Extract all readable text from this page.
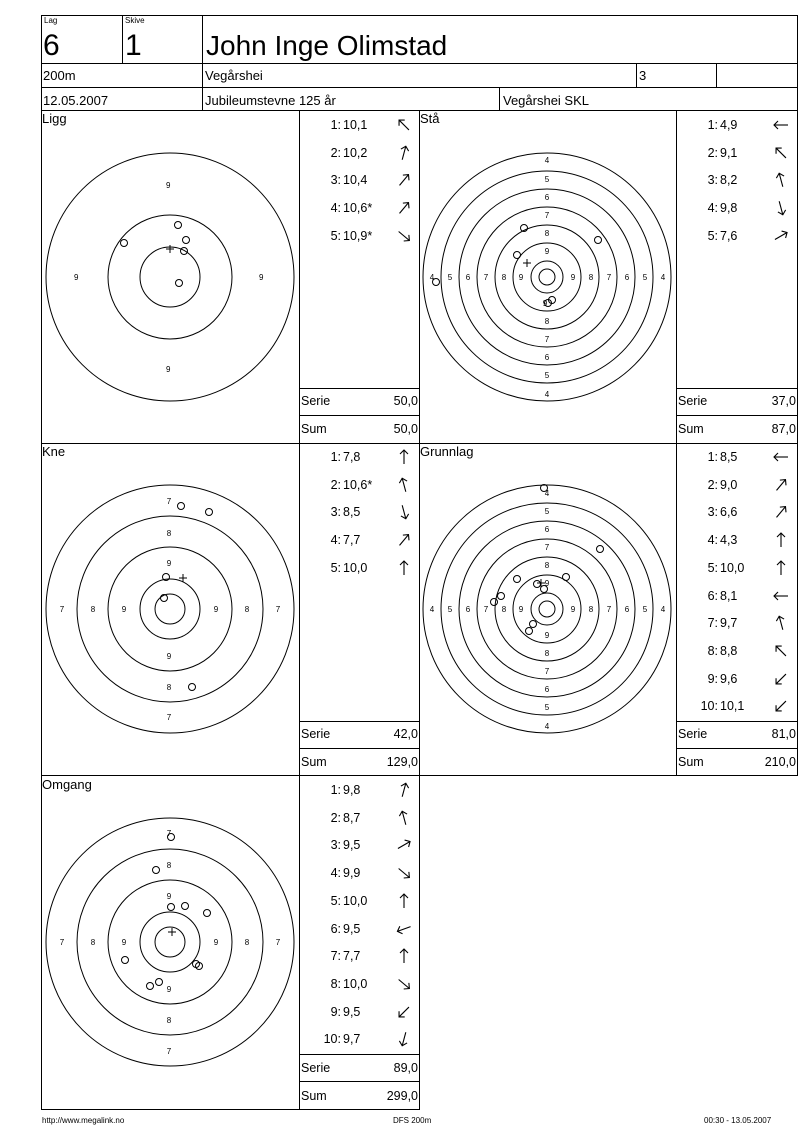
Lag
6
Skive
1 John Inge Olimstad
200m	Vegårshei	3
12.05.2007	Jubileumstevne 125 år	Vegårshei SKL
Ligg	Stå
Kne	Grunnlag
Omgang
Serie	50,0
Sum	50,0
Serie	37,0
Sum	87,0
Serie	42,0
Sum	129,0
Serie	81,0
Sum	210,0
Serie	89,0
Sum	299,0
1: 10,1
2: 10,2
3: 10,4
4: 10,6*
5: 10,9*
1: 4,9
2: 9,1
3: 8,2
4: 9,8
5: 7,6
1: 7,8
2: 10,6*
3: 8,5
4: 7,7
5: 10,0
1: 8,5
2: 9,0
3: 6,6
4: 4,3
5: 10,0
6: 8,1
7: 9,7
8: 8,8
9: 9,6
10: 10,1
1: 9,8
2: 8,7
3: 9,5
4: 9,9
5: 10,0
6: 9,5
7: 7,7
8: 10,0
9: 9,5
10: 9,7
9
9
9	9
4
5
6
7
8
9
4
5
6
7
8
9
4 5 6 7 8 9	4
5
6
7
8
9
7
8
9
7
8
9
7	8	9	7
8
9
4
5
6
7
8
9
4
5
6
7
8
9
4 5 6 7 8 9	4
5
6
7
8
9
7
8
9
7
8
9
7	8	9	7
8
9
http://www.megalink.no	DFS 200m	00:30 - 13.05.2007
